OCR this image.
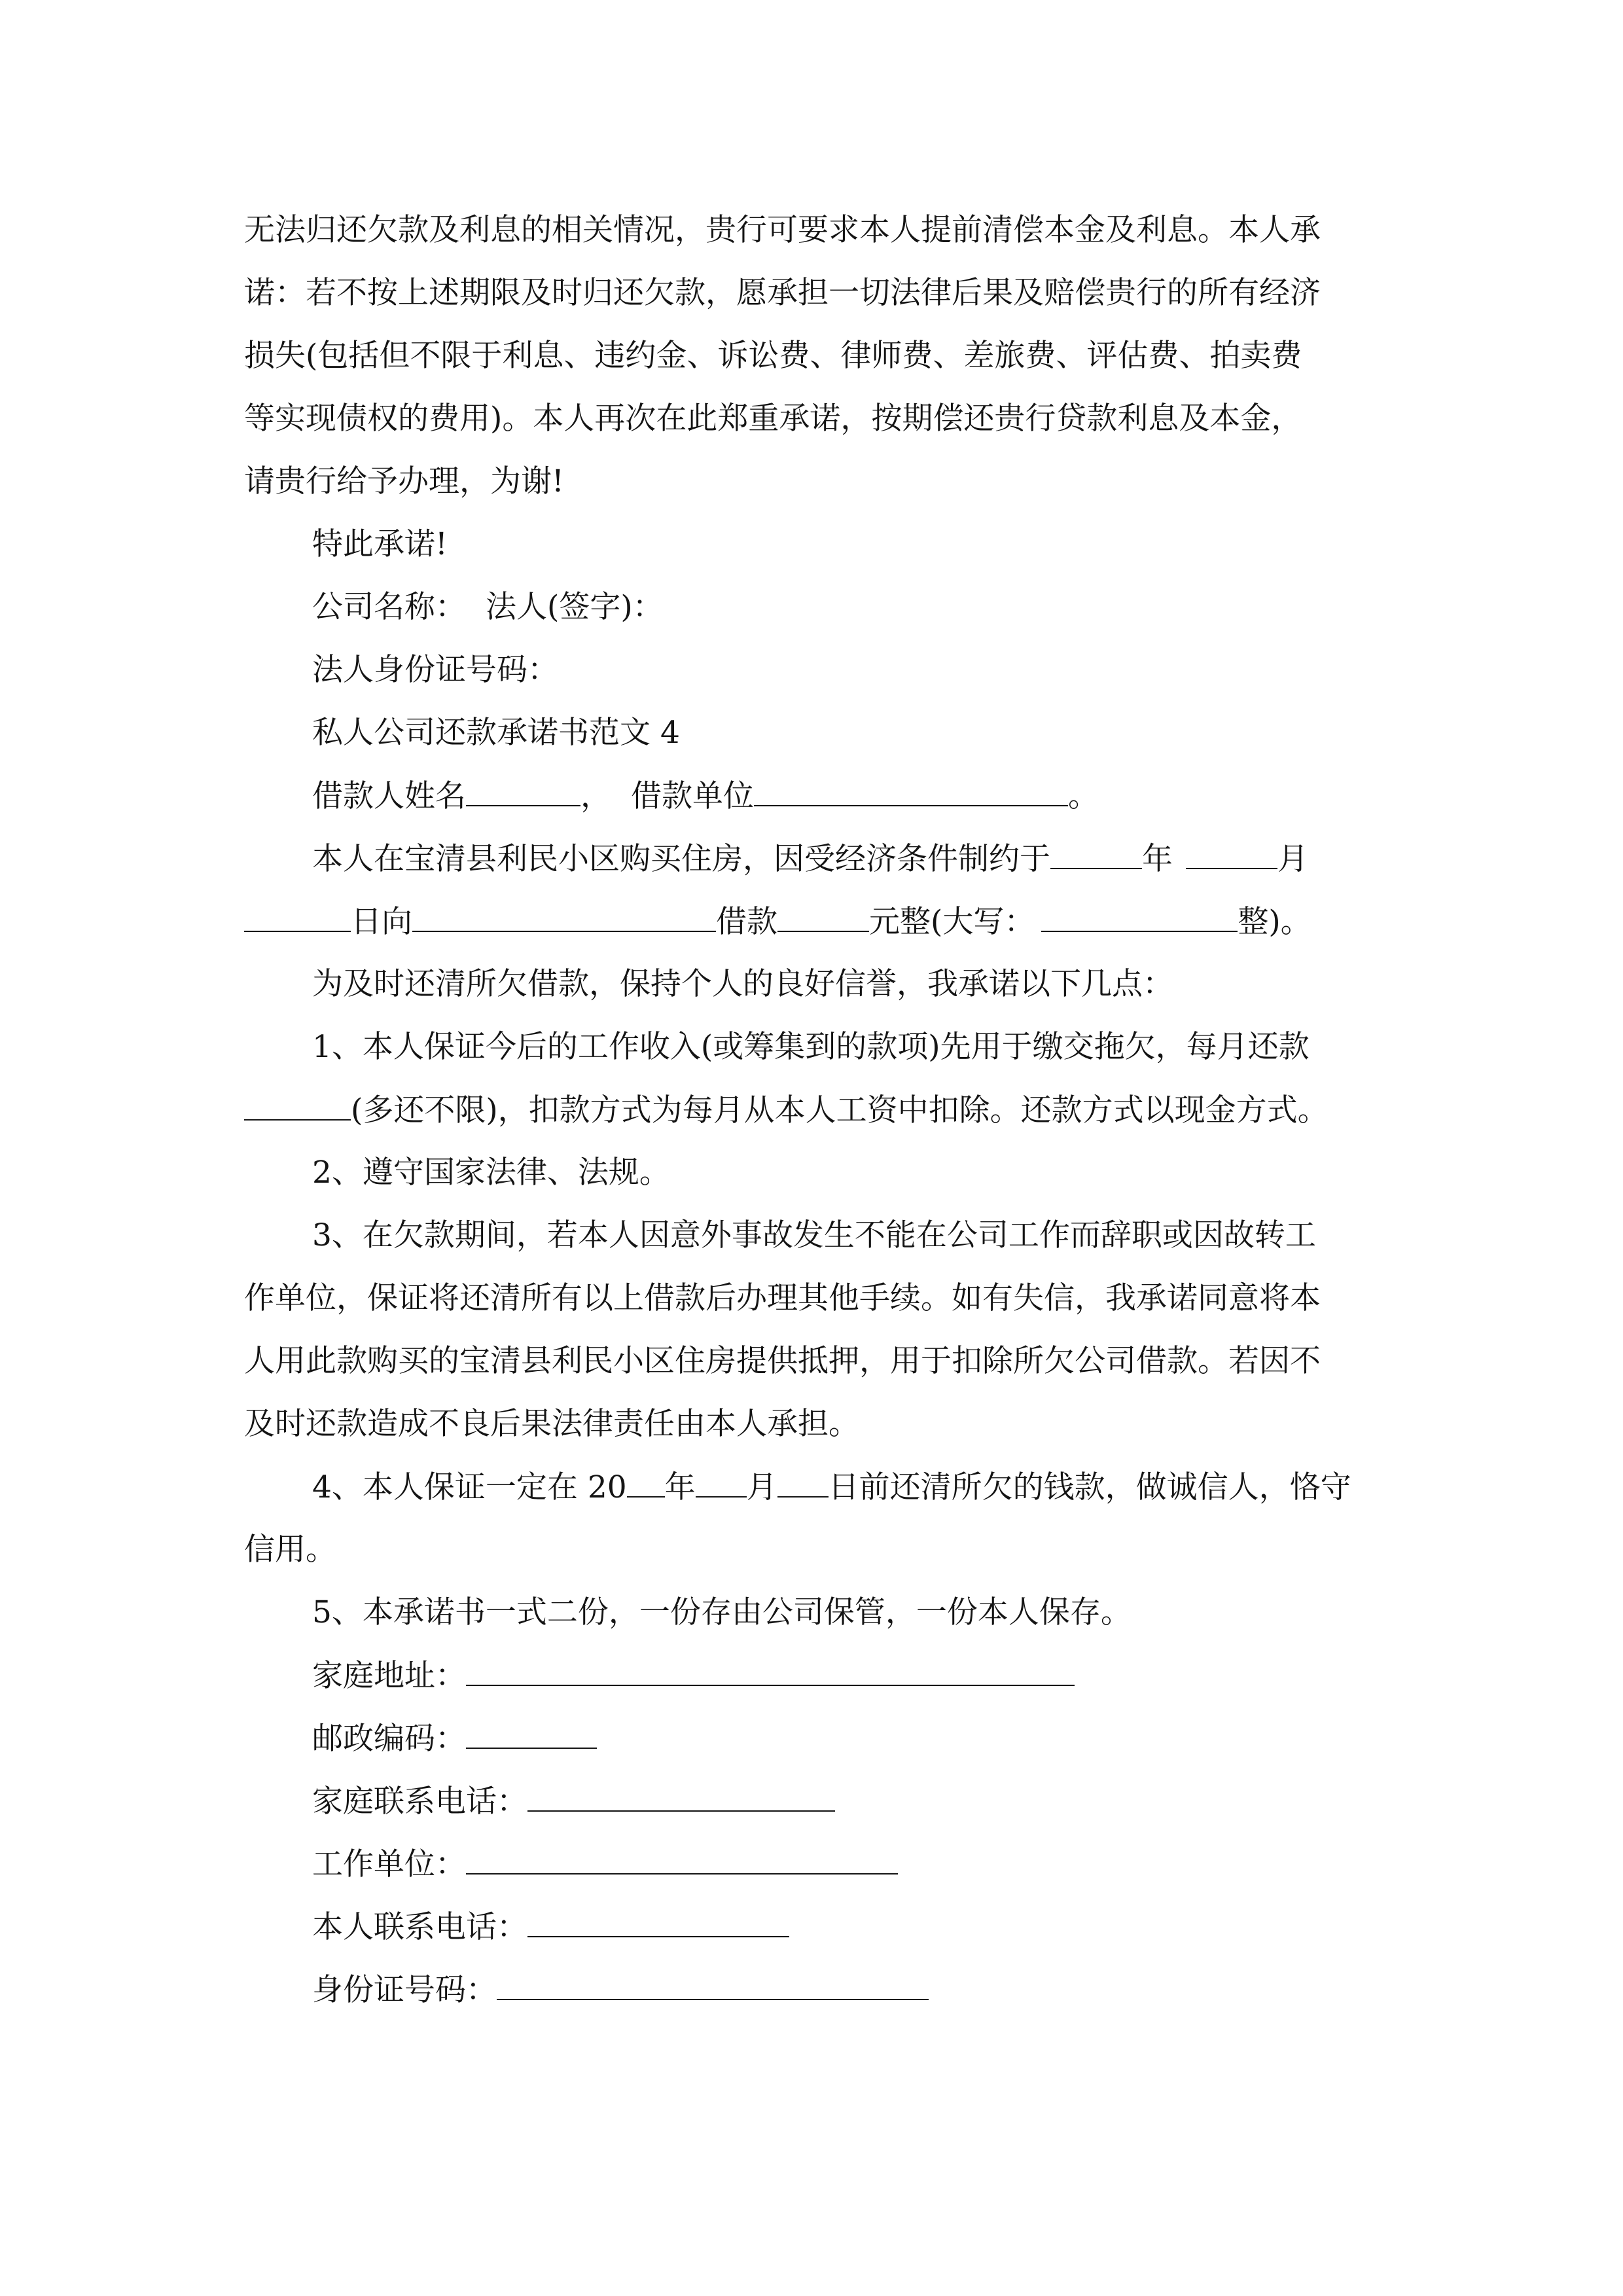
无法归还欠款及利息的相关情况，贵行可要求本人提前清偿本金及利息。本人承
诺：若不按上述期限及时归还欠款，愿承担一切法律后果及赔偿贵行的所有经济
损失(包括但不限于利息、违约金、诉讼费、律师费、差旅费、评估费、拍卖费
等实现债权的费用)。本人再次在此郑重承诺，按期偿还贵行贷款利息及本金，
请贵行给予办理，为谢!
特此承诺!
公司名称： 法人(签字)：
法人身份证号码：
私人公司还款承诺书范文 4
借款人姓名	， 借款单位	。
本人在宝清县利民小区购买住房，因受经济条件制约于	年	月
日向	借款	元整(大写：	整)。
为及时还清所欠借款，保持个人的良好信誉，我承诺以下几点：
1、本人保证今后的工作收入(或筹集到的款项)先用于缴交拖欠，每月还款
(多还不限)，扣款方式为每月从本人工资中扣除。还款方式以现金方式。
2、遵守国家法律、法规。
3、在欠款期间，若本人因意外事故发生不能在公司工作而辞职或因故转工
作单位，保证将还清所有以上借款后办理其他手续。如有失信，我承诺同意将本
人用此款购买的宝清县利民小区住房提供抵押，用于扣除所欠公司借款。若因不
及时还款造成不良后果法律责任由本人承担。
4、本人保证一定在 20 年 月 日前还清所欠的钱款，做诚信人，恪守
信用。
5、本承诺书一式二份，一份存由公司保管，一份本人保存。
家庭地址：
邮政编码：
家庭联系电话：
工作单位：
本人联系电话：
身份证号码：
